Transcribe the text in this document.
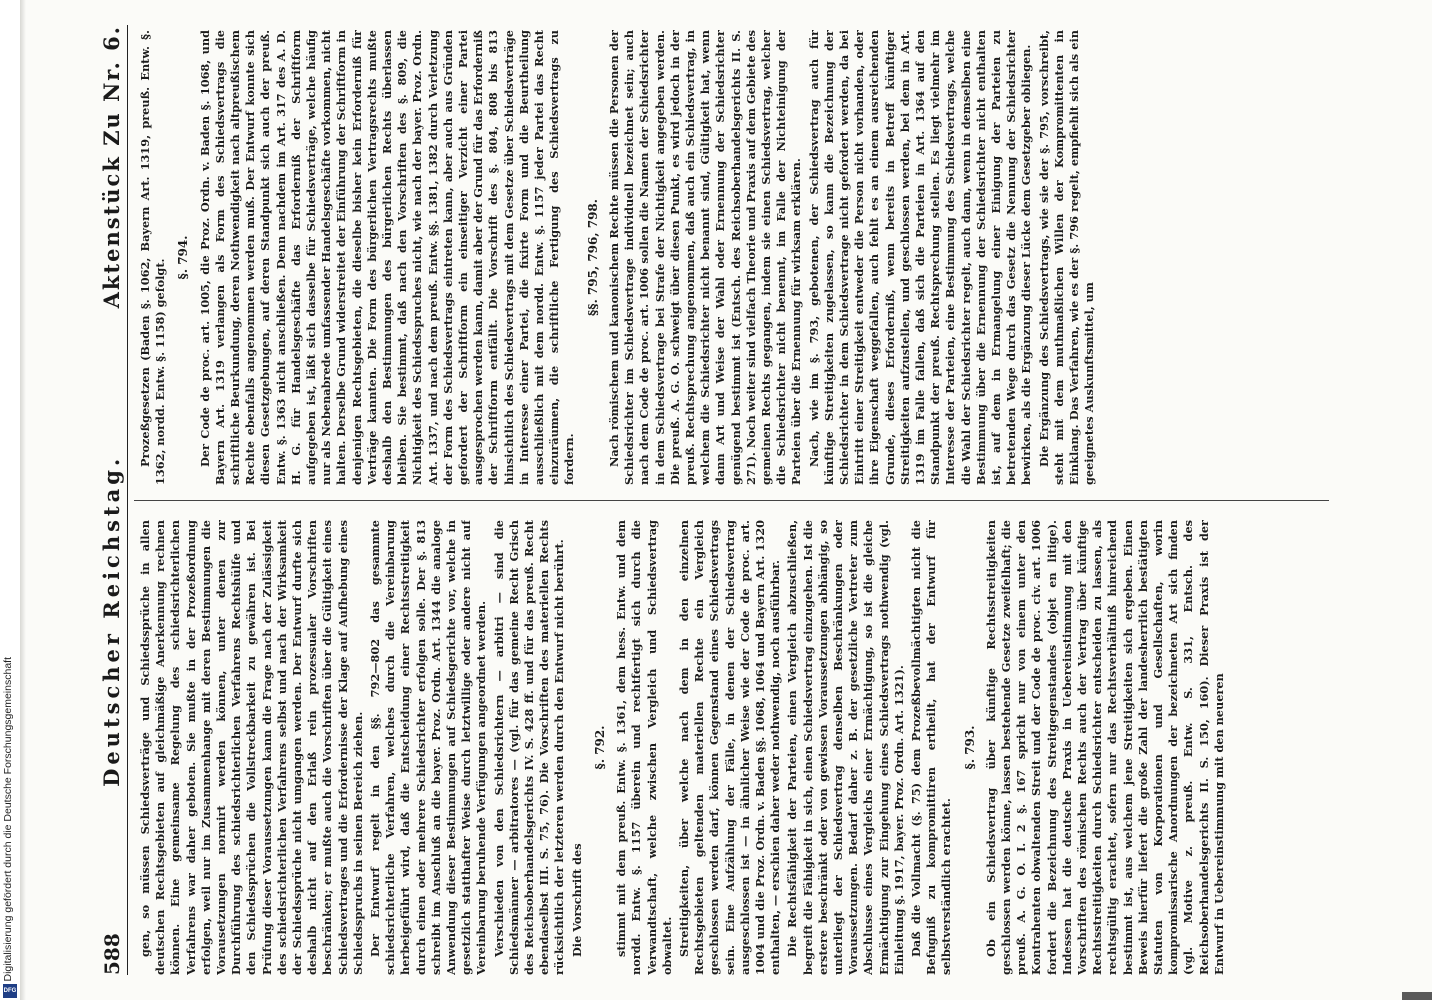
Digitalisierung gefördert durch die Deutsche Forschungsgemeinschaft
DFG
588
Deutscher Reichstag.
Aktenstück Zu Nr. 6.

gen, so müssen Schiedsverträge und Schiedssprüche in allen deutschen Rechtsgebieten auf gleichmäßige Anerkennung rechnen können. Eine gemeinsame Regelung des schiedsrichterlichen Verfahrens war daher geboten. Sie mußte in der Prozeßordnung erfolgen, weil nur im Zusammenhange mit deren Bestimmungen die Vorausetzungen normirt werden können, unter denen zur Durchführung des schiedsrichterlichen Verfahrens Rechtshülfe und den Schiedssprüchen die Vollstreckbarkeit zu gewähren ist. Bei Prüfung dieser Voraussetzungen kann die Frage nach der Zulässigkeit des schiedsrichterlichen Verfahrens selbst und nach der Wirksamkeit der Schiedssprüche nicht umgangen werden. Der Entwurf durfte sich deshalb nicht auf den Erlaß rein prozessualer Vorschriften beschränken; er mußte auch die Vorschriften über die Gültigkeit eines Schiedsvertrages und die Erfordernisse der Klage auf Aufhebung eines Schiedsspruchs in seinen Bereich ziehen. Der Entwurf regelt in den §§. 792—802 das gesammte schiedsrichterliche Verfahren, welches durch die Vereinbarung herbeigeführt wird, daß die Entscheidung einer Rechtsstreitigkeit durch einen oder mehrere Schiedsrichter erfolgen solle. Der §. 813 schreibt im Anschluß an die bayer. Proz. Ordn. Art. 1344 die analoge Anwendung dieser Bestimmungen auf Schiedsgerichte vor, welche in gesetzlich statthafter Weise durch letztwillige oder andere nicht auf Vereinbarung beruhende Verfügungen angeordnet werden. Verschieden von den Schiedsrichtern — arbitri — sind die Schiedsmänner — arbitratores — (vgl. für das gemeine Recht Grisch des Reichsoberhandelsgerichts IV. S. 428 ff. und für das preuß. Recht ebendaselbst III. S. 75, 76). Die Vorschriften des materiellen Rechts rücksichtlich der letzteren werden durch den Entwurf nicht berührt. Die Vorschrift des

§. 792. stimmt mit dem preuß. Entw. §. 1361, dem hess. Entw. und dem nordd. Entw. §. 1157 überein und rechtfertigt sich durch die Verwandtschaft, welche zwischen Vergleich und Schiedsvertrag obwaltet. Streitigkeiten, über welche nach dem in den einzelnen Rechtsgebieten geltenden materiellen Rechte ein Vergleich geschlossen werden darf, können Gegenstand eines Schiedsvertrags sein. Eine Aufzählung der Fälle, in denen der Schiedsvertrag ausgeschlossen ist — in ähnlicher Weise wie der Code de proc. art. 1004 und die Proz. Ordn. v. Baden §§. 1068, 1064 und Bayern Art. 1320 enthalten, — erschien daher weder nothwendig, noch ausführbar. Die Rechtsfähigkeit der Parteien, einen Vergleich abzuschließen, begreift die Fähigkeit in sich, einen Schiedsvertrag einzugehen. Ist die erstere beschränkt oder von gewissen Voraussetzungen abhängig, so unterliegt der Schiedsvertrag denselben Beschränkungen oder Voraussetzungen. Bedarf daher z. B. der gesetzliche Vertreter zum Abschlusse eines Vergleichs einer Ermächtigung, so ist die gleiche Ermächtigung zur Eingehung eines Schiedsvertrags nothwendig (vgl. Einleitung §. 1917, bayer. Proz. Ordn. Art. 1321). Daß die Vollmacht (§. 75) dem Prozeßbevollmächtigten nicht die Befugniß zu kompromittiren ertheilt, hat der Entwurf für selbstverständlich erachtet.

§. 793. Ob ein Schiedsvertrag über künftige Rechtsstreitigkeiten geschlossen werden könne, lassen bestehende Gesetze zweifelhaft; die preuß. A. G. O. I. 2 §. 167 spricht nur von einem unter den Kontrahenten obwaltenden Streit und der Code de proc. civ. art. 1006 fordert die Bezeichnung des Streitgegenstandes (objet en litige). Indessen hat die deutsche Praxis in Uebereinstimmung mit den Vorschriften des römischen Rechts auch der Vertrag über künftige Rechtsstreitigkeiten durch Schiedsrichter entscheiden zu lassen, als rechtsgültig erachtet, sofern nur das Rechtsverhältniß hinreichend bestimmt ist, aus welchem jene Streitigkeiten sich ergeben. Einen Beweis hierfür liefert die große Zahl der landesherrlich bestätigten Statuten von Korporationen und Gesellschaften, worin kompromissarische Anordnungen der bezeichneten Art sich finden (vgl. Motive z. preuß. Entw. S. 331, Entsch. des Reichsoberhandelsgerichts II. S. 150, 160). Dieser Praxis ist der Entwurf in Uebereinstimmung mit den neueren

Prozeßgesetzen (Baden §. 1062, Bayern Art. 1319, preuß. Entw. §. 1362, nordd. Entw. §. 1158) gefolgt.

§. 794. Der Code de proc. art. 1005, die Proz. Ordn. v. Baden §. 1068, und Bayern Art. 1319 verlangen als Form des Schiedsvertrags die schriftliche Beurkundung, deren Nothwendigkeit nach altpreußischem Rechte ebenfalls angenommen werden muß. Der Entwurf konnte sich diesen Gesetzgebungen, auf deren Standpunkt sich auch der preuß. Entw. §. 1363 nicht anschließen. Denn nachdem im Art. 317 des A. D. H. G. für Handelsgeschäfte das Erforderniß der Schriftform aufgegeben ist, läßt sich dasselbe für Schiedsverträge, welche häufig nur als Nebenabrede umfassender Handelsgeschäfte vorkommen, nicht halten. Derselbe Grund widerstreitet der Einführung der Schriftform in denjenigen Rechtsgebieten, die dieselbe bisher kein Erforderniß für Verträge kannten. Die Form des bürgerlichen Vertragsrechts mußte deshalb den Bestimmungen des bürgerlichen Rechts überlassen bleiben. Sie bestimmt, daß nach den Vorschriften des §. 809, die Nichtigkeit des Schiedsspruches nicht, wie nach der bayer. Proz. Ordn. Art. 1337, und nach dem preuß. Entw. §§. 1381, 1382 durch Verletzung der Form des Schiedsvertrags eintreten kann, aber auch aus Gründen gefordert der Schriftform ein einseitiger Verzicht einer Partei ausgesprochen werden kann, damit aber der Grund für das Erforderniß der Schriftform entfällt. Die Vorschrift des §. 804, 808 bis 813 hinsichtlich des Schiedsvertrags mit dem Gesetze über Schiedsverträge in Interesse einer Partei, die fixirte Form und die Beurtheilung ausschließlich mit dem nordd. Entw. §. 1157 jeder Partei das Recht einzuräumen, die schriftliche Fertigung des Schiedsvertrags zu fordern.

§§. 795, 796, 798. Nach römischem und kanonischem Rechte müssen die Personen der Schiedsrichter im Schiedsvertrage individuell bezeichnet sein; auch nach dem Code de proc. art. 1006 sollen die Namen der Schiedsrichter in dem Schiedsvertrage bei Strafe der Nichtigkeit angegeben werden. Die preuß. A. G. O. schweigt über diesen Punkt, es wird jedoch in der preuß. Rechtsprechung angenommen, daß auch ein Schiedsvertrag, in welchem die Schiedsrichter nicht benannt sind, Gültigkeit hat, wenn dann Art und Weise der Wahl oder Ernennung der Schiedsrichter genügend bestimmt ist (Entsch. des Reichsoberhandelsgerichts II. S. 271). Noch weiter sind vielfach Theorie und Praxis auf dem Gebiete des gemeinen Rechts gegangen, indem sie einen Schiedsvertrag, welcher die Schiedsrichter nicht benennt, im Falle der Nichteinigung der Parteien über die Ernennung für wirksam erklären. Nach, wie im §. 793, gebotenen, der Schiedsvertrag auch für künftige Streitigkeiten zugelassen, so kann die Bezeichnung der Schiedsrichter in dem Schiedsvertrage nicht gefordert werden, da bei Eintritt einer Streitigkeit entweder die Person nicht vorhanden, oder ihre Eigenschaft weggefallen, auch fehlt es an einem ausreichenden Grunde, dieses Erforderniß, wenn bereits in Betreff künftiger Streitigkeiten aufzustellen, und geschlossen werden, bei dem in Art. 1319 im Falle fallen, daß sich die Parteien in Art. 1364 auf den Standpunkt der preuß. Rechtsprechung stellen. Es liegt vielmehr im Interesse der Parteien, eine Bestimmung des Schiedsvertrags, welche die Wahl der Schiedsrichter regelt, auch dann, wenn in demselben eine Bestimmung über die Ernennung der Schiedsrichter nicht enthalten ist, auf dem in Ermangelung einer Einigung der Parteien zu betretenden Wege durch das Gesetz die Nennung der Schiedsrichter bewirken, als die Ergänzung dieser Lücke dem Gesetzgeber obliegen. Die Ergänzung des Schiedsvertrags, wie sie der §. 795, vorschreibt, steht mit dem muthmaßlichen Willen der Kompromittenten in Einklang. Das Verfahren, wie es der §. 796 regelt, empfiehlt sich als ein geeignetes Auskunftsmittel, um
